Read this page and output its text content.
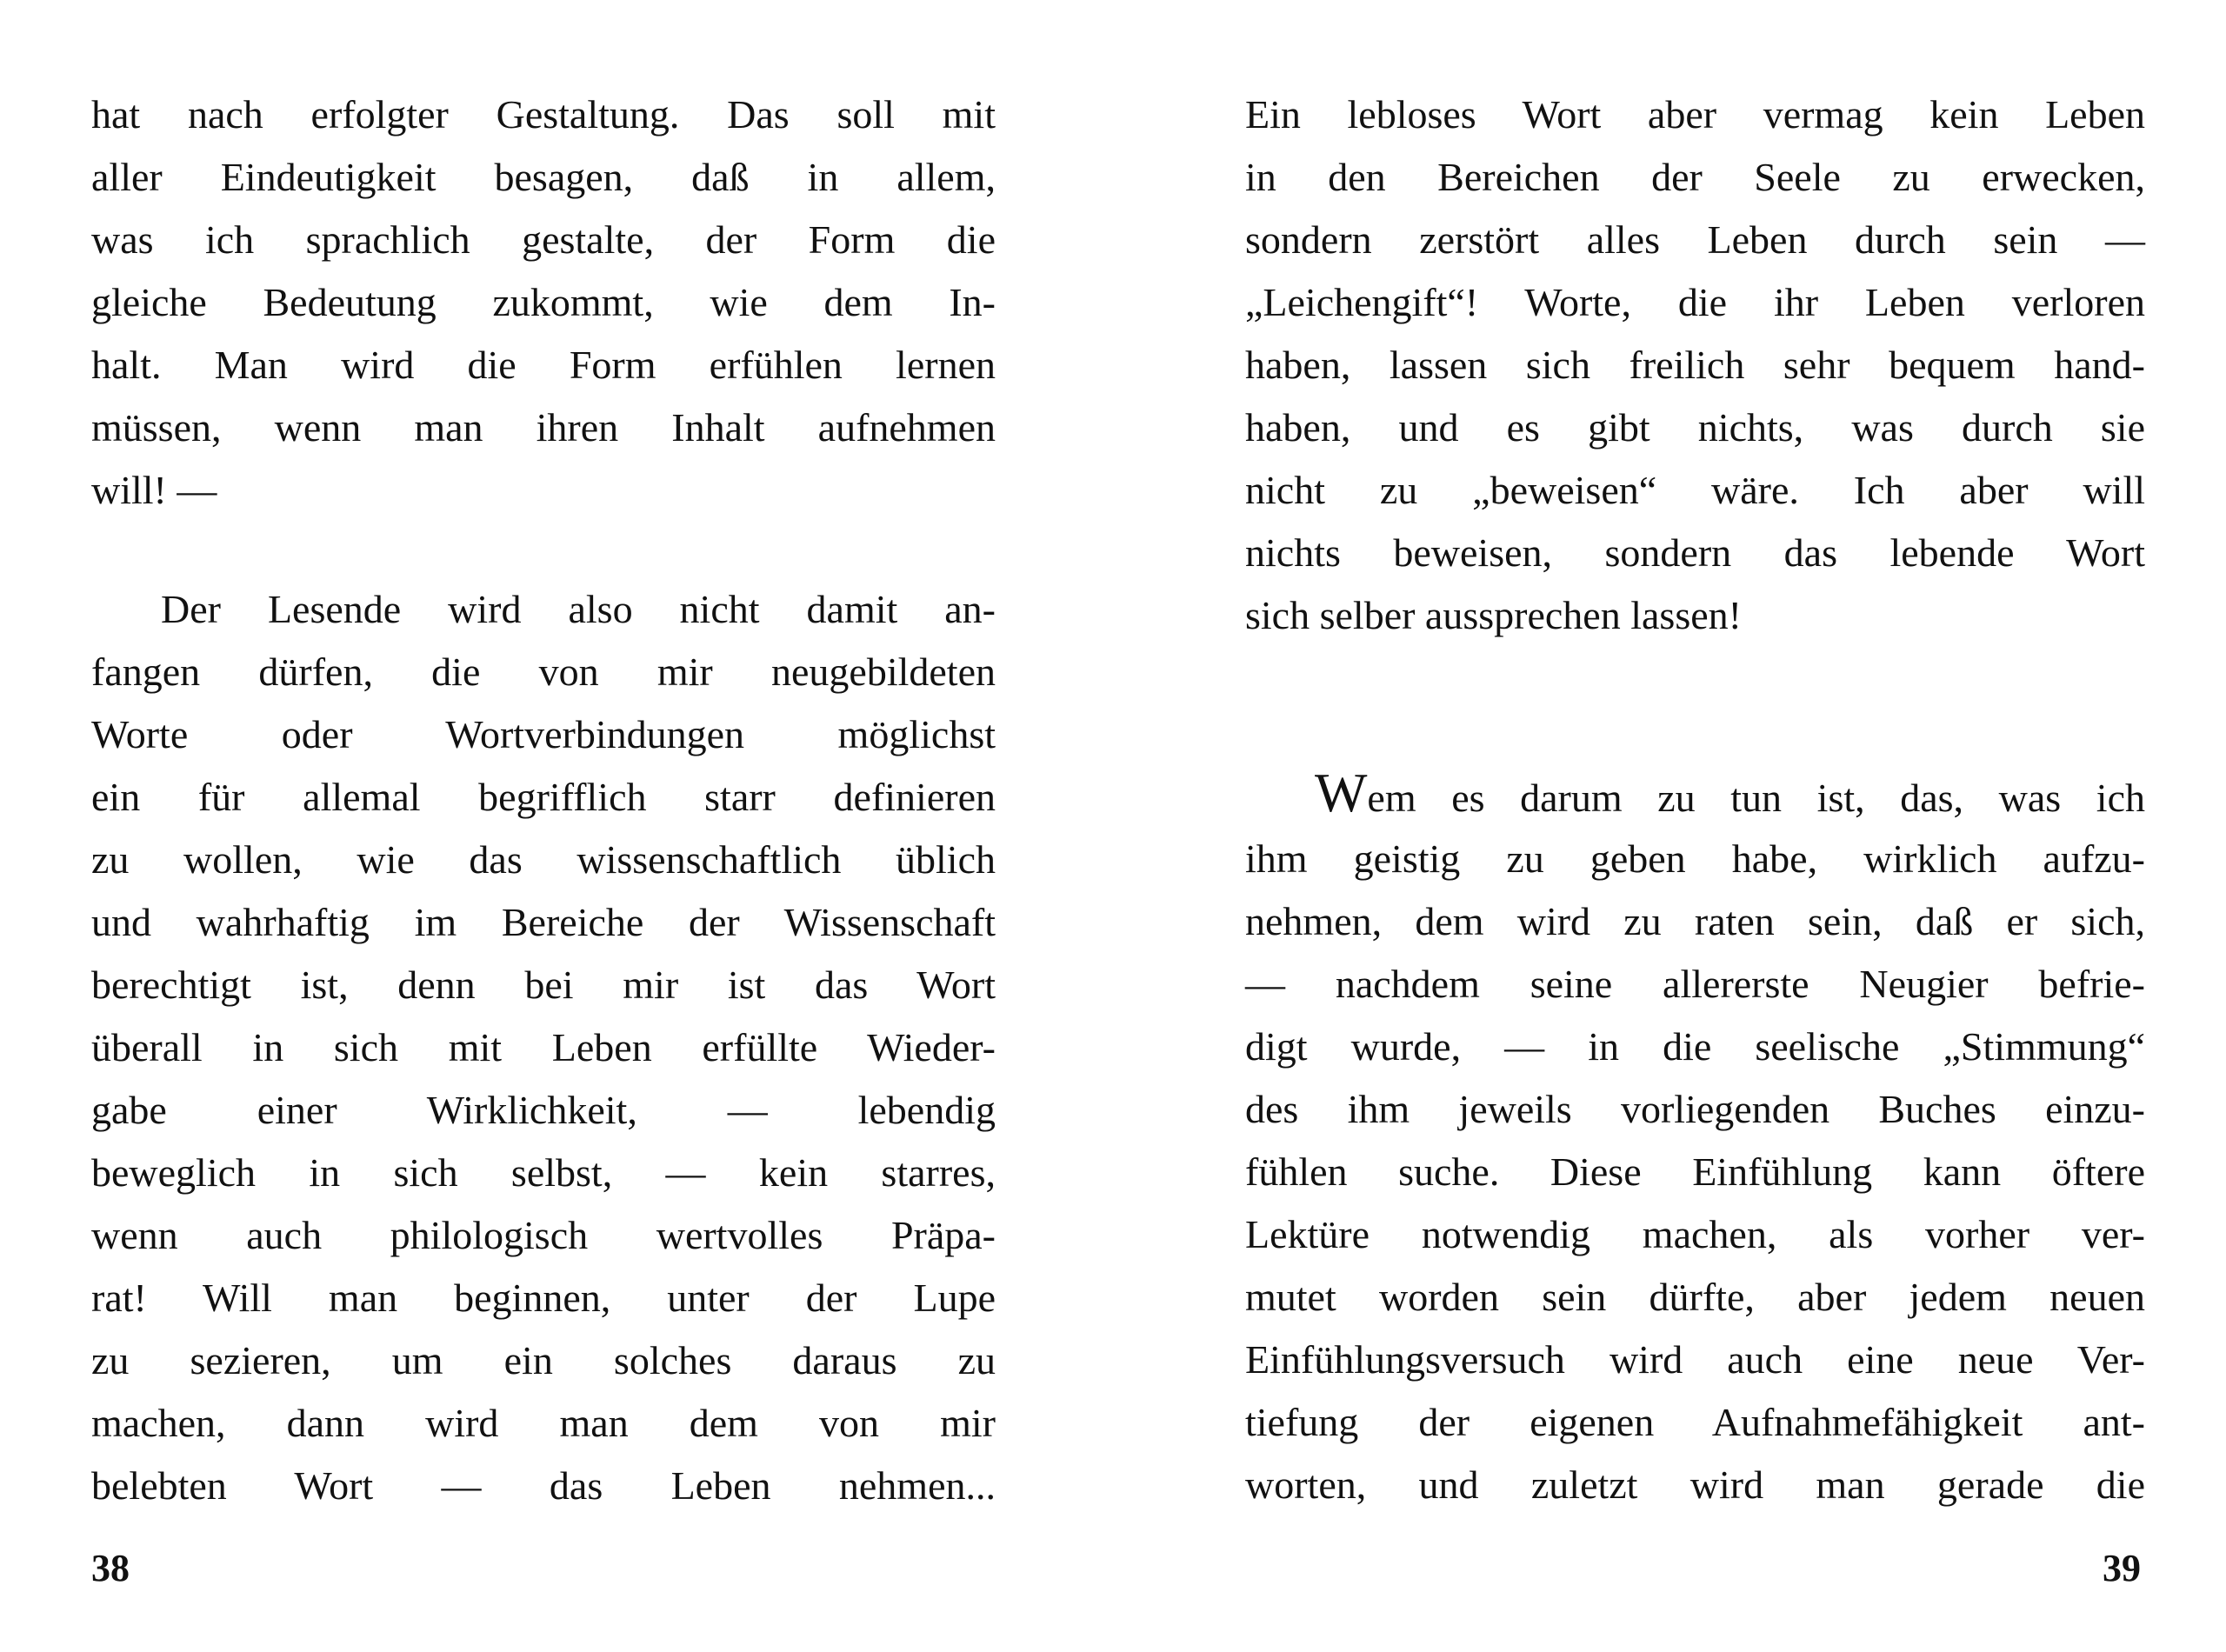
hat nach erfolgter Gestaltung. Das soll mit
aller Eindeutigkeit besagen, daß in allem,
was ich sprachlich gestalte, der Form die
gleiche Bedeutung zukommt, wie dem In-
halt. Man wird die Form erfühlen lernen
müssen, wenn man ihren Inhalt aufnehmen
will! —
Der Lesende wird also nicht damit an-
fangen dürfen, die von mir neugebildeten
Worte oder Wortverbindungen möglichst
ein für allemal begrifflich starr definieren
zu wollen, wie das wissenschaftlich üblich
und wahrhaftig im Bereiche der Wissenschaft
berechtigt ist, denn bei mir ist das Wort
überall in sich mit Leben erfüllte Wieder-
gabe einer Wirklichkeit, — lebendig
beweglich in sich selbst, — kein starres,
wenn auch philologisch wertvolles Präpa-
rat! Will man beginnen, unter der Lupe
zu sezieren, um ein solches daraus zu
machen, dann wird man dem von mir
belebten Wort — das Leben nehmen...
38
Ein lebloses Wort aber vermag kein Leben
in den Bereichen der Seele zu erwecken,
sondern zerstört alles Leben durch sein —
„Leichengift“! Worte, die ihr Leben verloren
haben, lassen sich freilich sehr bequem hand-
haben, und es gibt nichts, was durch sie
nicht zu „beweisen“ wäre. Ich aber will
nichts beweisen, sondern das lebende Wort
sich selber aussprechen lassen!
Wem es darum zu tun ist, das, was ich
ihm geistig zu geben habe, wirklich aufzu-
nehmen, dem wird zu raten sein, daß er sich,
— nachdem seine allererste Neugier befrie-
digt wurde, — in die seelische „Stimmung“
des ihm jeweils vorliegenden Buches einzu-
fühlen suche. Diese Einfühlung kann öftere
Lektüre notwendig machen, als vorher ver-
mutet worden sein dürfte, aber jedem neuen
Einfühlungsversuch wird auch eine neue Ver-
tiefung der eigenen Aufnahmefähigkeit ant-
worten, und zuletzt wird man gerade die
39
